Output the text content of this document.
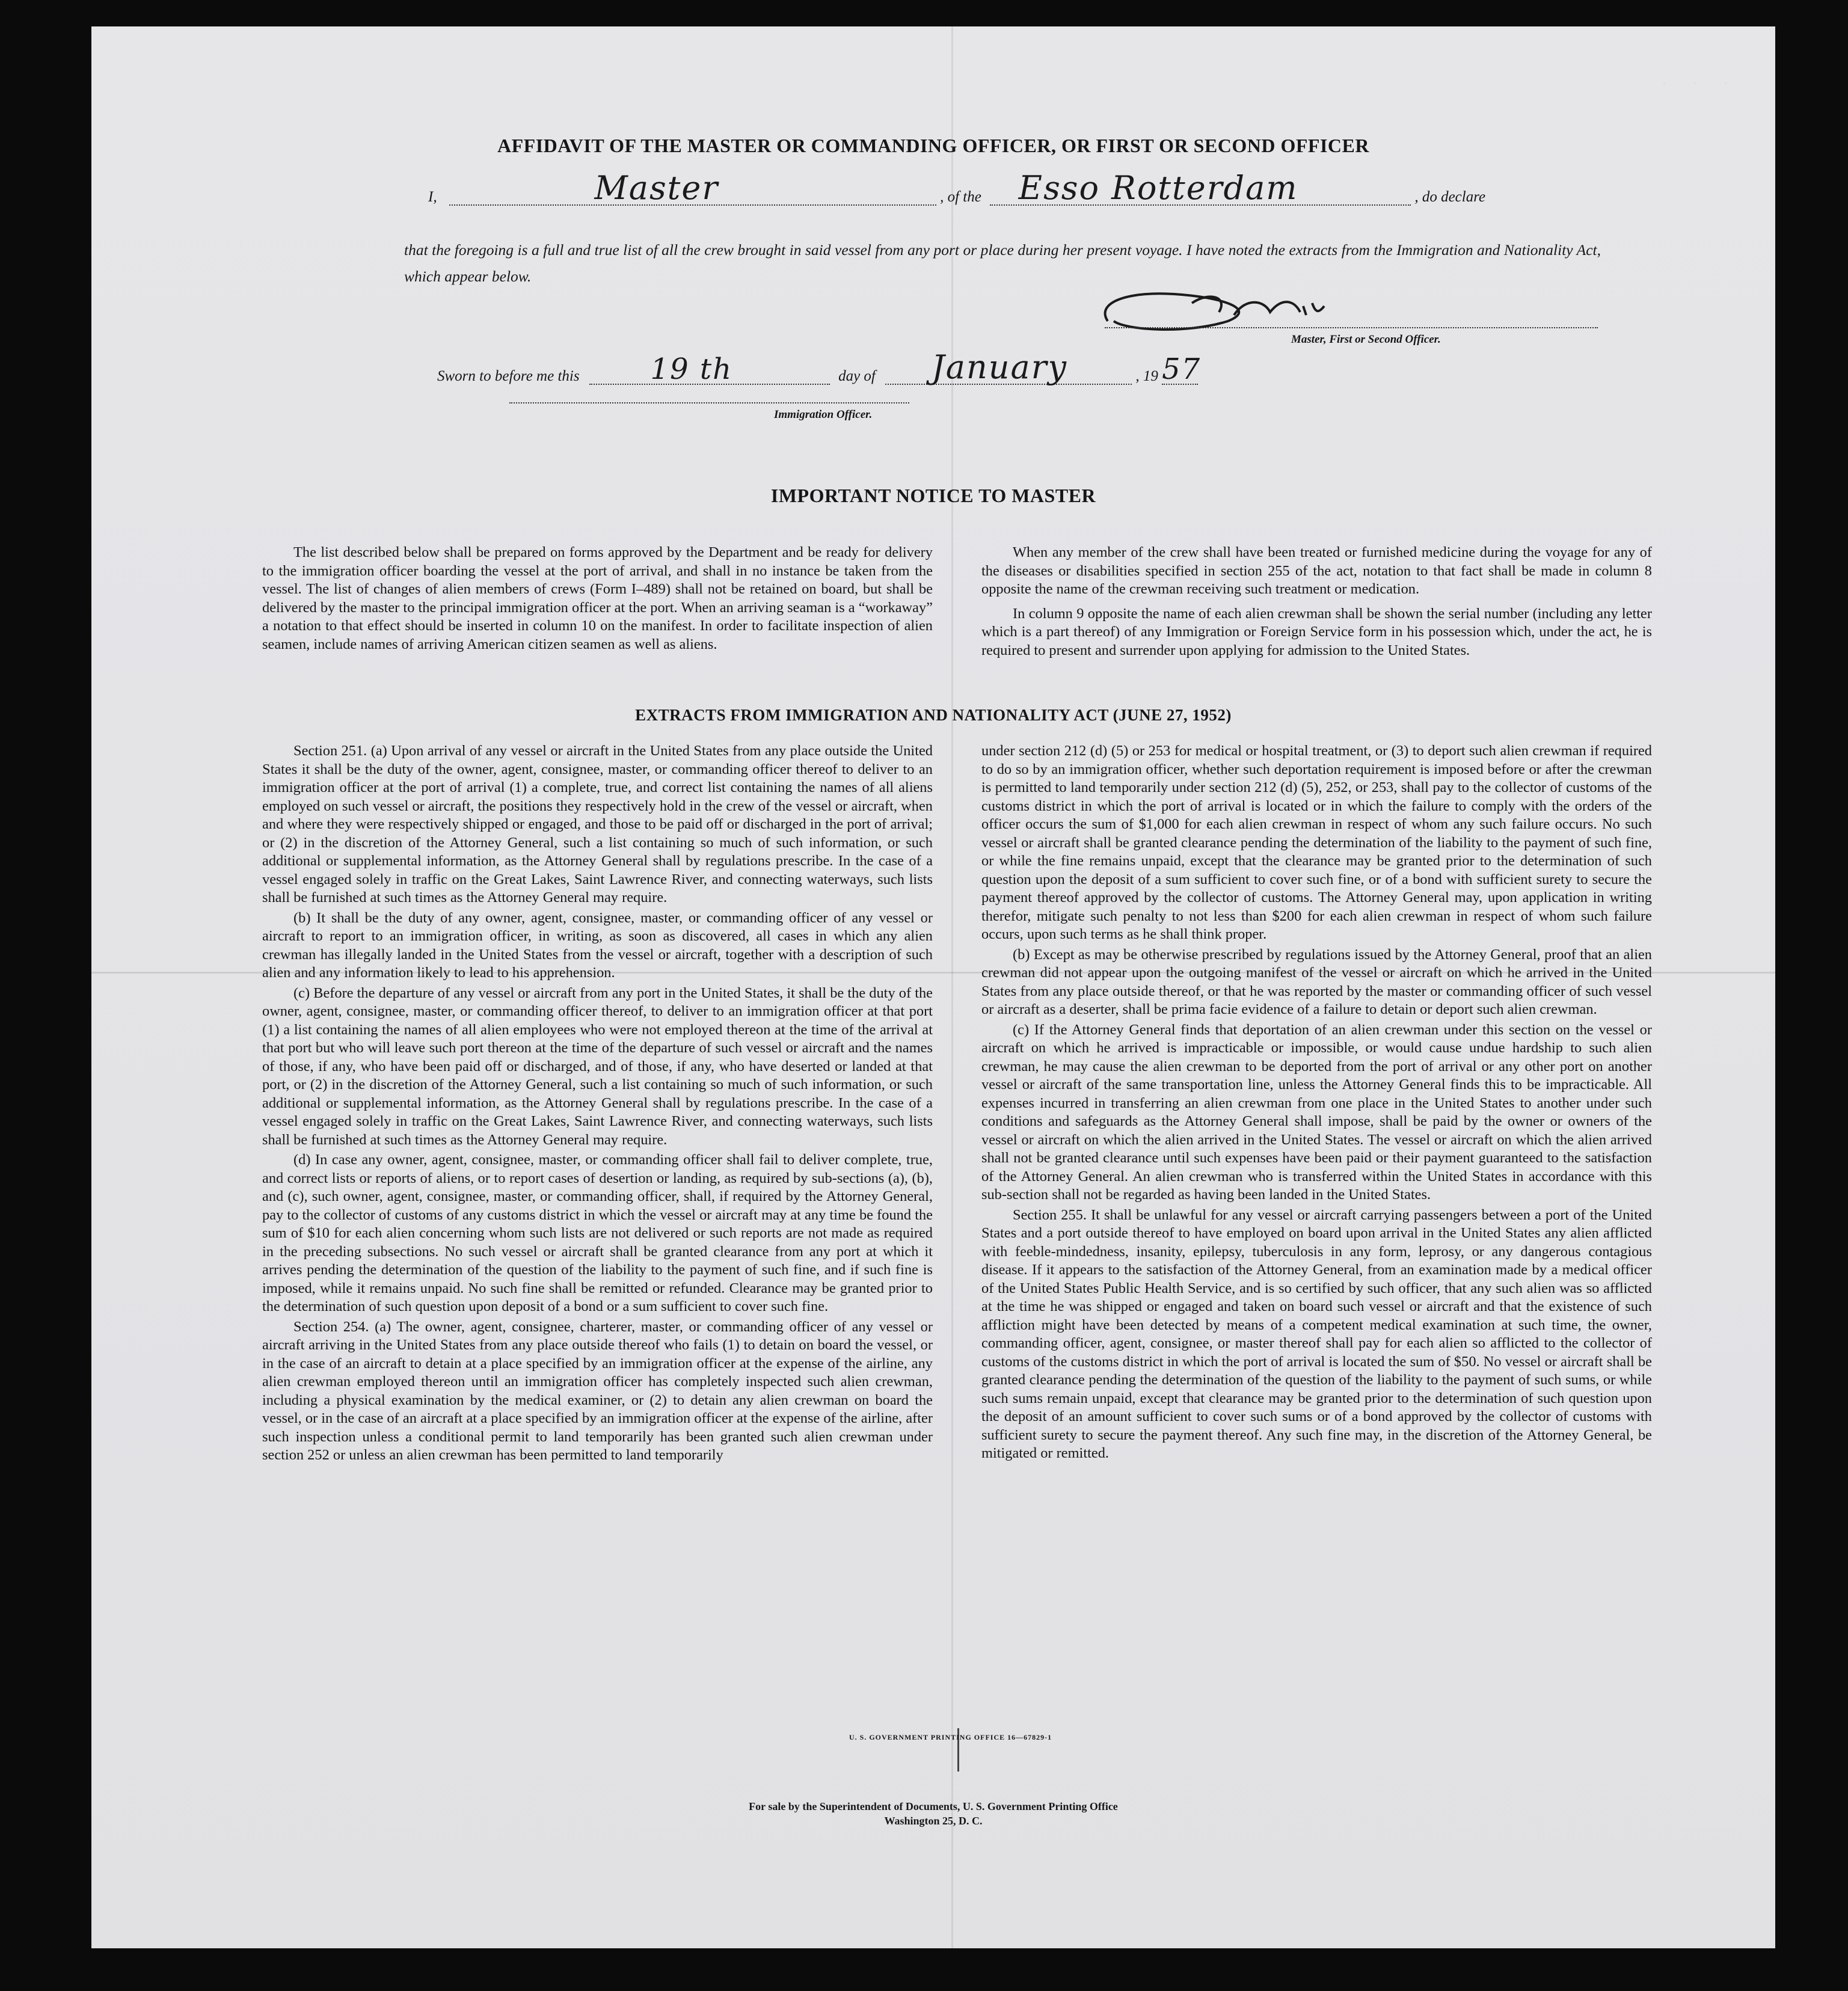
· · ·
AFFIDAVIT OF THE MASTER OR COMMANDING OFFICER, OR FIRST OR SECOND OFFICER
I,	Master	, of the	Esso Rotterdam	, do declare
that the foregoing is a full and true list of all the crew brought in said vessel from any port or place during her present voyage. I have noted the extracts from the Immigration and Nationality Act, which appear below.
Master, First or Second Officer.
Sworn to before me this	19 th	day of	January	, 19 57
Immigration Officer.
IMPORTANT NOTICE TO MASTER

The list described below shall be prepared on forms approved by the Department and be ready for delivery to the immigration officer boarding the vessel at the port of arrival, and shall in no instance be taken from the vessel. The list of changes of alien members of crews (Form I–489) shall not be retained on board, but shall be delivered by the master to the principal immigration officer at the port. When an arriving seaman is a “workaway” a notation to that effect should be inserted in column 10 on the manifest. In order to facilitate inspection of alien seamen, include names of arriving American citizen seamen as well as aliens.

When any member of the crew shall have been treated or furnished medicine during the voyage for any of the diseases or disabilities specified in section 255 of the act, notation to that fact shall be made in column 8 opposite the name of the crewman receiving such treatment or medication.

In column 9 opposite the name of each alien crewman shall be shown the serial number (including any letter which is a part thereof) of any Immigration or Foreign Service form in his possession which, under the act, he is required to present and surrender upon applying for admission to the United States.

EXTRACTS FROM IMMIGRATION AND NATIONALITY ACT (JUNE 27, 1952)

Section 251. (a) Upon arrival of any vessel or aircraft in the United States from any place outside the United States it shall be the duty of the owner, agent, consignee, master, or commanding officer thereof to deliver to an immigration officer at the port of arrival (1) a complete, true, and correct list containing the names of all aliens employed on such vessel or aircraft, the positions they respectively hold in the crew of the vessel or aircraft, when and where they were respectively shipped or engaged, and those to be paid off or discharged in the port of arrival; or (2) in the discretion of the Attorney General, such a list containing so much of such information, or such additional or supplemental information, as the Attorney General shall by regulations prescribe. In the case of a vessel engaged solely in traffic on the Great Lakes, Saint Lawrence River, and connecting waterways, such lists shall be furnished at such times as the Attorney General may require.

(b) It shall be the duty of any owner, agent, consignee, master, or commanding officer of any vessel or aircraft to report to an immigration officer, in writing, as soon as discovered, all cases in which any alien crewman has illegally landed in the United States from the vessel or aircraft, together with a description of such alien and any information likely to lead to his apprehension.

(c) Before the departure of any vessel or aircraft from any port in the United States, it shall be the duty of the owner, agent, consignee, master, or commanding officer thereof, to deliver to an immigration officer at that port (1) a list containing the names of all alien employees who were not employed thereon at the time of the arrival at that port but who will leave such port thereon at the time of the departure of such vessel or aircraft and the names of those, if any, who have been paid off or discharged, and of those, if any, who have deserted or landed at that port, or (2) in the discretion of the Attorney General, such a list containing so much of such information, or such additional or supplemental information, as the Attorney General shall by regulations prescribe. In the case of a vessel engaged solely in traffic on the Great Lakes, Saint Lawrence River, and connecting waterways, such lists shall be furnished at such times as the Attorney General may require.

(d) In case any owner, agent, consignee, master, or commanding officer shall fail to deliver complete, true, and correct lists or reports of aliens, or to report cases of desertion or landing, as required by sub-sections (a), (b), and (c), such owner, agent, consignee, master, or commanding officer, shall, if required by the Attorney General, pay to the collector of customs of any customs district in which the vessel or aircraft may at any time be found the sum of $10 for each alien concerning whom such lists are not delivered or such reports are not made as required in the preceding subsections. No such vessel or aircraft shall be granted clearance from any port at which it arrives pending the determination of the question of the liability to the payment of such fine, and if such fine is imposed, while it remains unpaid. No such fine shall be remitted or refunded. Clearance may be granted prior to the determination of such question upon deposit of a bond or a sum sufficient to cover such fine.

Section 254. (a) The owner, agent, consignee, charterer, master, or commanding officer of any vessel or aircraft arriving in the United States from any place outside thereof who fails (1) to detain on board the vessel, or in the case of an aircraft to detain at a place specified by an immigration officer at the expense of the airline, any alien crewman employed thereon until an immigration officer has completely inspected such alien crewman, including a physical examination by the medical examiner, or (2) to detain any alien crewman on board the vessel, or in the case of an aircraft at a place specified by an immigration officer at the expense of the airline, after such inspection unless a conditional permit to land temporarily has been granted such alien crewman under section 252 or unless an alien crewman has been permitted to land temporarily

under section 212 (d) (5) or 253 for medical or hospital treatment, or (3) to deport such alien crewman if required to do so by an immigration officer, whether such deportation requirement is imposed before or after the crewman is permitted to land temporarily under section 212 (d) (5), 252, or 253, shall pay to the collector of customs of the customs district in which the port of arrival is located or in which the failure to comply with the orders of the officer occurs the sum of $1,000 for each alien crewman in respect of whom any such failure occurs. No such vessel or aircraft shall be granted clearance pending the determination of the liability to the payment of such fine, or while the fine remains unpaid, except that the clearance may be granted prior to the determination of such question upon the deposit of a sum sufficient to cover such fine, or of a bond with sufficient surety to secure the payment thereof approved by the collector of customs. The Attorney General may, upon application in writing therefor, mitigate such penalty to not less than $200 for each alien crewman in respect of whom such failure occurs, upon such terms as he shall think proper.

(b) Except as may be otherwise prescribed by regulations issued by the Attorney General, proof that an alien crewman did not appear upon the outgoing manifest of the vessel or aircraft on which he arrived in the United States from any place outside thereof, or that he was reported by the master or commanding officer of such vessel or aircraft as a deserter, shall be prima facie evidence of a failure to detain or deport such alien crewman.

(c) If the Attorney General finds that deportation of an alien crewman under this section on the vessel or aircraft on which he arrived is impracticable or impossible, or would cause undue hardship to such alien crewman, he may cause the alien crewman to be deported from the port of arrival or any other port on another vessel or aircraft of the same transportation line, unless the Attorney General finds this to be impracticable. All expenses incurred in transferring an alien crewman from one place in the United States to another under such conditions and safeguards as the Attorney General shall impose, shall be paid by the owner or owners of the vessel or aircraft on which the alien arrived in the United States. The vessel or aircraft on which the alien arrived shall not be granted clearance until such expenses have been paid or their payment guaranteed to the satisfaction of the Attorney General. An alien crewman who is transferred within the United States in accordance with this sub-section shall not be regarded as having been landed in the United States.

Section 255. It shall be unlawful for any vessel or aircraft carrying passengers between a port of the United States and a port outside thereof to have employed on board upon arrival in the United States any alien afflicted with feeble-mindedness, insanity, epilepsy, tuberculosis in any form, leprosy, or any dangerous contagious disease. If it appears to the satisfaction of the Attorney General, from an examination made by a medical officer of the United States Public Health Service, and is so certified by such officer, that any such alien was so afflicted at the time he was shipped or engaged and taken on board such vessel or aircraft and that the existence of such affliction might have been detected by means of a competent medical examination at such time, the owner, commanding officer, agent, consignee, or master thereof shall pay for each alien so afflicted to the collector of customs of the customs district in which the port of arrival is located the sum of $50. No vessel or aircraft shall be granted clearance pending the determination of the question of the liability to the payment of such sums, or while such sums remain unpaid, except that clearance may be granted prior to the determination of such question upon the deposit of an amount sufficient to cover such sums or of a bond approved by the collector of customs with sufficient surety to secure the payment thereof. Any such fine may, in the discretion of the Attorney General, be mitigated or remitted.

U. S. GOVERNMENT PRINTING OFFICE 16—67829-1
For sale by the Superintendent of Documents, U. S. Government Printing Office
Washington 25, D. C.
